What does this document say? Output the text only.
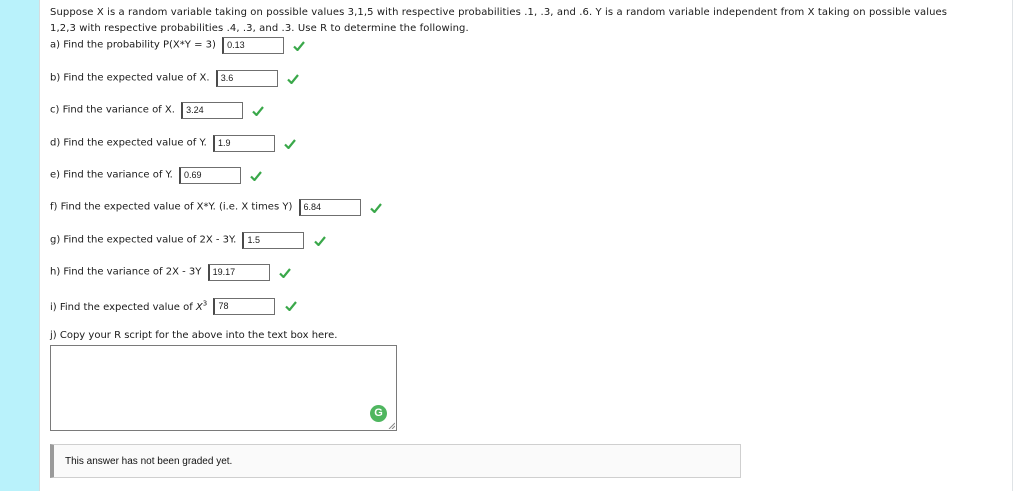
Suppose X is a random variable taking on possible values 3,1,5 with respective probabilities .1, .3, and .6. Y is a random variable independent from X taking on possible values
1,2,3 with respective probabilities .4, .3, and .3. Use R to determine the following.
a) Find the probability P(X*Y = 3) 0.13
b) Find the expected value of X. 3.6
c) Find the variance of X. 3.24
d) Find the expected value of Y. 1.9
e) Find the variance of Y. 0.69
f) Find the expected value of X*Y. (i.e. X times Y) 6.84
g) Find the expected value of 2X - 3Y. 1.5
h) Find the variance of 2X - 3Y 19.17
i) Find the expected value of $X^3$ 78
j) Copy your R script for the above into the text box here.
G
This answer has not been graded yet.
